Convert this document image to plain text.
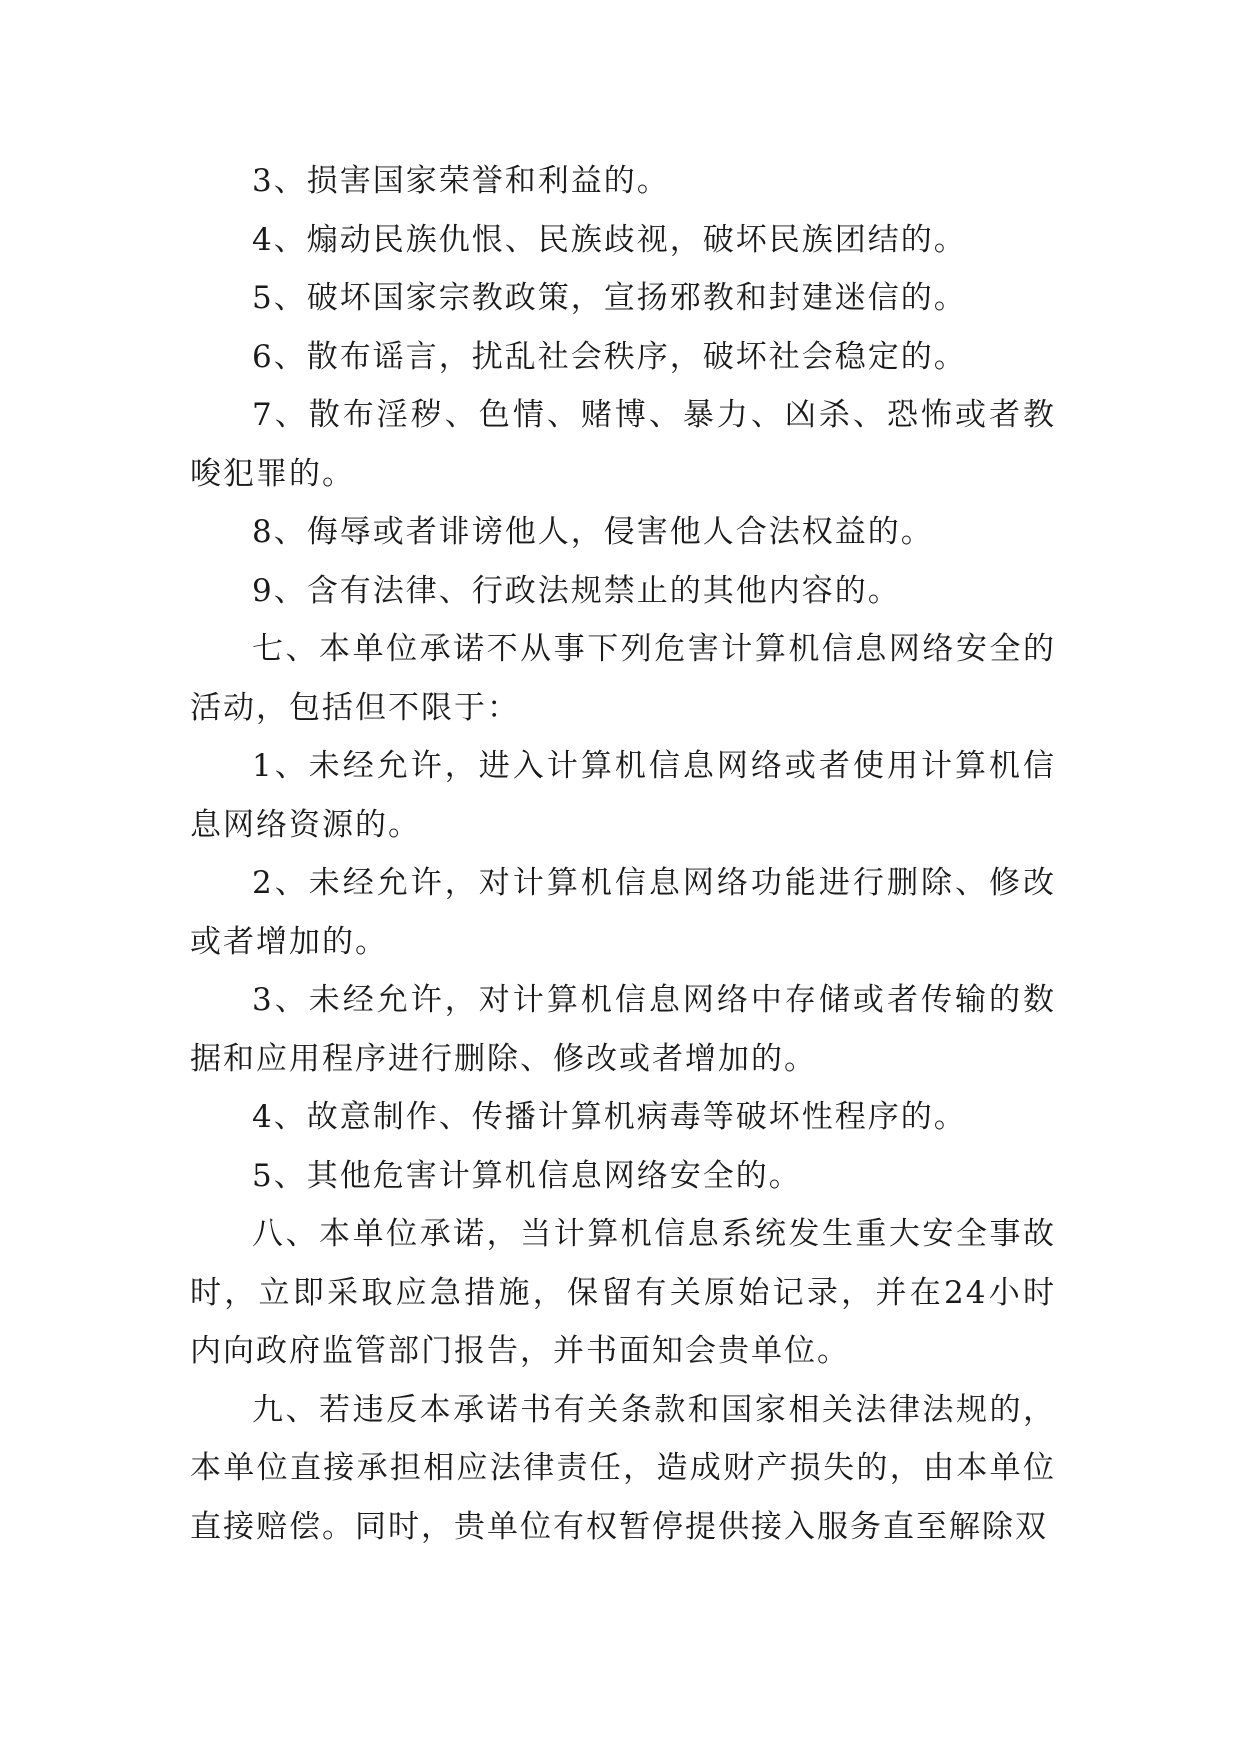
3、损害国家荣誉和利益的。

4、煽动民族仇恨、民族歧视，破坏民族团结的。

5、破坏国家宗教政策，宣扬邪教和封建迷信的。

6、散布谣言，扰乱社会秩序，破坏社会稳定的。

7、散布淫秽、色情、赌博、暴力、凶杀、恐怖或者教唆犯罪的。

8、侮辱或者诽谤他人，侵害他人合法权益的。

9、含有法律、行政法规禁止的其他内容的。

七、本单位承诺不从事下列危害计算机信息网络安全的活动，包括但不限于：

1、未经允许，进入计算机信息网络或者使用计算机信息网络资源的。

2、未经允许，对计算机信息网络功能进行删除、修改或者增加的。

3、未经允许，对计算机信息网络中存储或者传输的数据和应用程序进行删除、修改或者增加的。

4、故意制作、传播计算机病毒等破坏性程序的。

5、其他危害计算机信息网络安全的。

八、本单位承诺，当计算机信息系统发生重大安全事故时，立即采取应急措施，保留有关原始记录，并在24小时内向政府监管部门报告，并书面知会贵单位。

九、若违反本承诺书有关条款和国家相关法律法规的，本单位直接承担相应法律责任，造成财产损失的，由本单位直接赔偿。同时，贵单位有权暂停提供接入服务直至解除双
